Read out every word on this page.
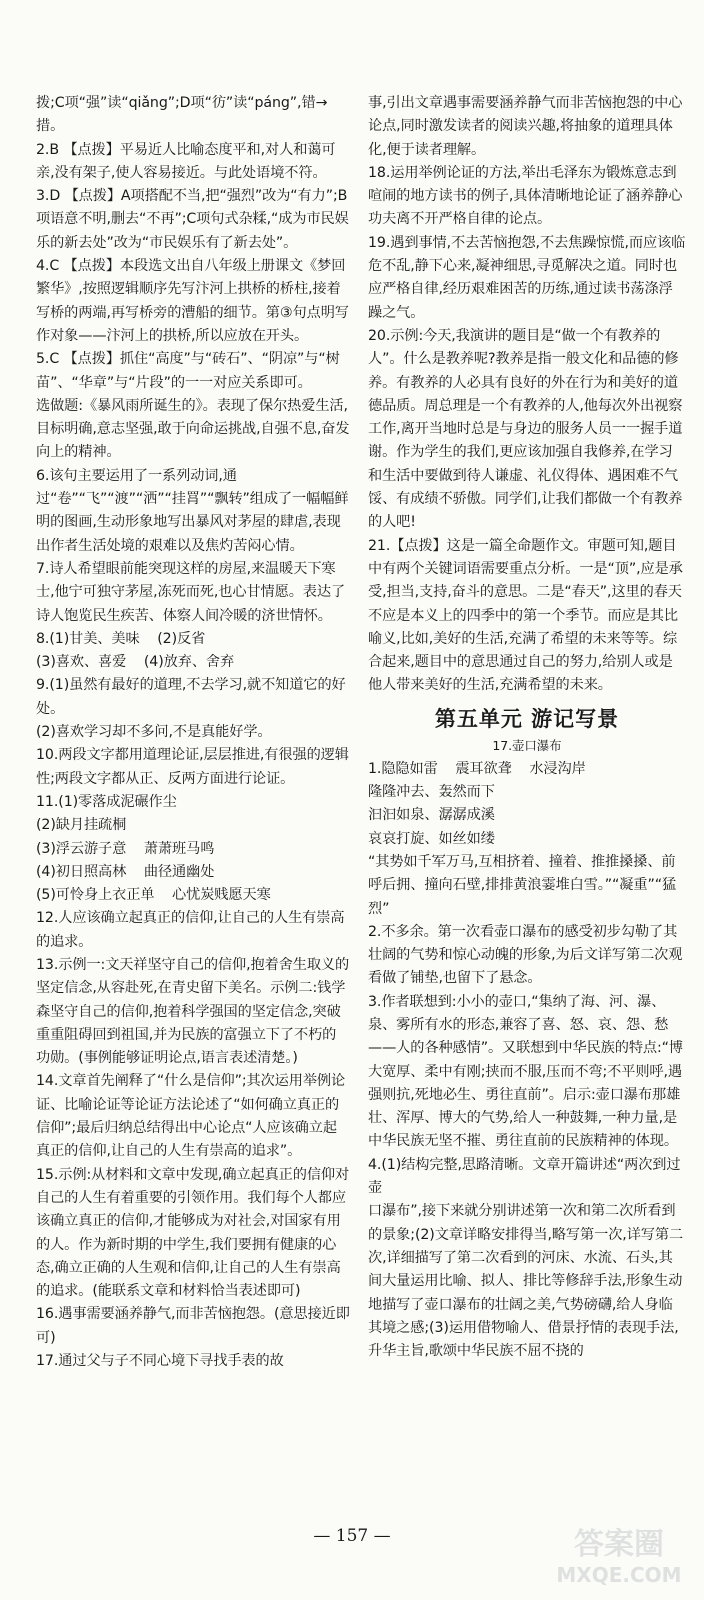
拨;C项“强”读“qiǎng”;D项“彷”读“páng”,错→措。
2.B 【点拨】平易近人比喻态度平和,对人和蔼可亲,没有架子,使人容易接近。与此处语境不符。
3.D 【点拨】A项搭配不当,把“强烈”改为“有力”;B项语意不明,删去“不再”;C项句式杂糅,“成为市民娱乐的新去处”改为“市民娱乐有了新去处”。
4.C 【点拨】本段选文出自八年级上册课文《梦回繁华》,按照逻辑顺序先写汴河上拱桥的桥柱,接着写桥的两端,再写桥旁的漕船的细节。第③句点明写作对象——汴河上的拱桥,所以应放在开头。
5.C 【点拨】抓住“高度”与“砖石”、“阴凉”与“树苗”、“华章”与“片段”的一一对应关系即可。
选做题:《暴风雨所诞生的》。表现了保尔热爱生活,目标明确,意志坚强,敢于向命运挑战,自强不息,奋发向上的精神。
6.该句主要运用了一系列动词,通过“卷”“飞”“渡”“洒”“挂罥”“飘转”组成了一幅幅鲜明的图画,生动形象地写出暴风对茅屋的肆虐,表现出作者生活处境的艰难以及焦灼苦闷心情。
7.诗人希望眼前能突现这样的房屋,来温暖天下寒士,他宁可独守茅屋,冻死而死,也心甘情愿。表达了诗人饱览民生疾苦、体察人间冷暖的济世情怀。
8.(1)甘美、美味    (2)反省
(3)喜欢、喜爱    (4)放弃、舍弃
9.(1)虽然有最好的道理,不去学习,就不知道它的好处。
(2)喜欢学习却不多问,不是真能好学。
10.两段文字都用道理论证,层层推进,有很强的逻辑性;两段文字都从正、反两方面进行论证。
11.(1)零落成泥碾作尘
(2)缺月挂疏桐
(3)浮云游子意    萧萧班马鸣
(4)初日照高林    曲径通幽处
(5)可怜身上衣正单    心忧炭贱愿天寒
12.人应该确立起真正的信仰,让自己的人生有崇高的追求。
13.示例一:文天祥坚守自己的信仰,抱着舍生取义的坚定信念,从容赴死,在青史留下美名。示例二:钱学森坚守自己的信仰,抱着科学强国的坚定信念,突破重重阻碍回到祖国,并为民族的富强立下了不朽的功勋。(事例能够证明论点,语言表述清楚。)
14.文章首先阐释了“什么是信仰”;其次运用举例论证、比喻论证等论证方法论述了“如何确立真正的信仰”;最后归纳总结得出中心论点“人应该确立起真正的信仰,让自己的人生有崇高的追求”。
15.示例:从材料和文章中发现,确立起真正的信仰对自己的人生有着重要的引领作用。我们每个人都应该确立真正的信仰,才能够成为对社会,对国家有用的人。作为新时期的中学生,我们要拥有健康的心态,确立正确的人生观和信仰,让自己的人生有崇高的追求。(能联系文章和材料恰当表述即可)
16.遇事需要涵养静气,而非苦恼抱怨。(意思接近即可)
17.通过父与子不同心境下寻找手表的故
事,引出文章遇事需要涵养静气而非苦恼抱怨的中心论点,同时激发读者的阅读兴趣,将抽象的道理具体化,便于读者理解。
18.运用举例论证的方法,举出毛泽东为锻炼意志到喧闹的地方读书的例子,具体清晰地论证了涵养静心功夫离不开严格自律的论点。
19.遇到事情,不去苦恼抱怨,不去焦躁惊慌,而应该临危不乱,静下心来,凝神细思,寻觅解决之道。同时也应严格自律,经历艰难困苦的历练,通过读书荡涤浮躁之气。
20.示例:今天,我演讲的题目是“做一个有教养的人”。什么是教养呢?教养是指一般文化和品德的修养。有教养的人必具有良好的外在行为和美好的道德品质。周总理是一个有教养的人,他每次外出视察工作,离开当地时总是与身边的服务人员一一握手道谢。作为学生的我们,更应该加强自我修养,在学习和生活中要做到待人谦虚、礼仪得体、遇困难不气馁、有成绩不骄傲。同学们,让我们都做一个有教养的人吧!
21.【点拨】这是一篇全命题作文。审题可知,题目中有两个关键词语需要重点分析。一是“顶”,应是承受,担当,支持,奋斗的意思。二是“春天”,这里的春天不应是本义上的四季中的第一个季节。而应是其比喻义,比如,美好的生活,充满了希望的未来等等。综合起来,题目中的意思通过自己的努力,给别人或是他人带来美好的生活,充满希望的未来。
第五单元 游记写景
17.壶口瀑布
1.隐隐如雷    震耳欲聋    水浸沟岸
隆隆冲去、轰然而下
汩汩如泉、潺潺成溪
哀哀打旋、如丝如缕
“其势如千军万马,互相挤着、撞着、推推搡搡、前呼后拥、撞向石壁,排排黄浪霎堆白雪。”“凝重”“猛烈”
2.不多余。第一次看壶口瀑布的感受初步勾勒了其壮阔的气势和惊心动魄的形象,为后文详写第二次观看做了铺垫,也留下了悬念。
3.作者联想到:小小的壶口,“集纳了海、河、瀑、泉、雾所有水的形态,兼容了喜、怒、哀、怨、愁——人的各种感情”。又联想到中华民族的特点:“博大宽厚、柔中有刚;挟而不服,压而不弯;不平则呼,遇强则抗,死地必生、勇往直前”。启示:壶口瀑布那雄壮、浑厚、博大的气势,给人一种鼓舞,一种力量,是中华民族无坚不摧、勇往直前的民族精神的体现。
4.(1)结构完整,思路清晰。文章开篇讲述“两次到过壶
口瀑布”,接下来就分别讲述第一次和第二次所看到的景象;(2)文章详略安排得当,略写第一次,详写第二次,详细描写了第二次看到的河床、水流、石头,其间大量运用比喻、拟人、排比等修辞手法,形象生动地描写了壶口瀑布的壮阔之美,气势磅礴,给人身临其境之感;(3)运用借物喻人、借景抒情的表现手法,升华主旨,歌颂中华民族不屈不挠的
— 157 —	答案圈
MXQE.COM
